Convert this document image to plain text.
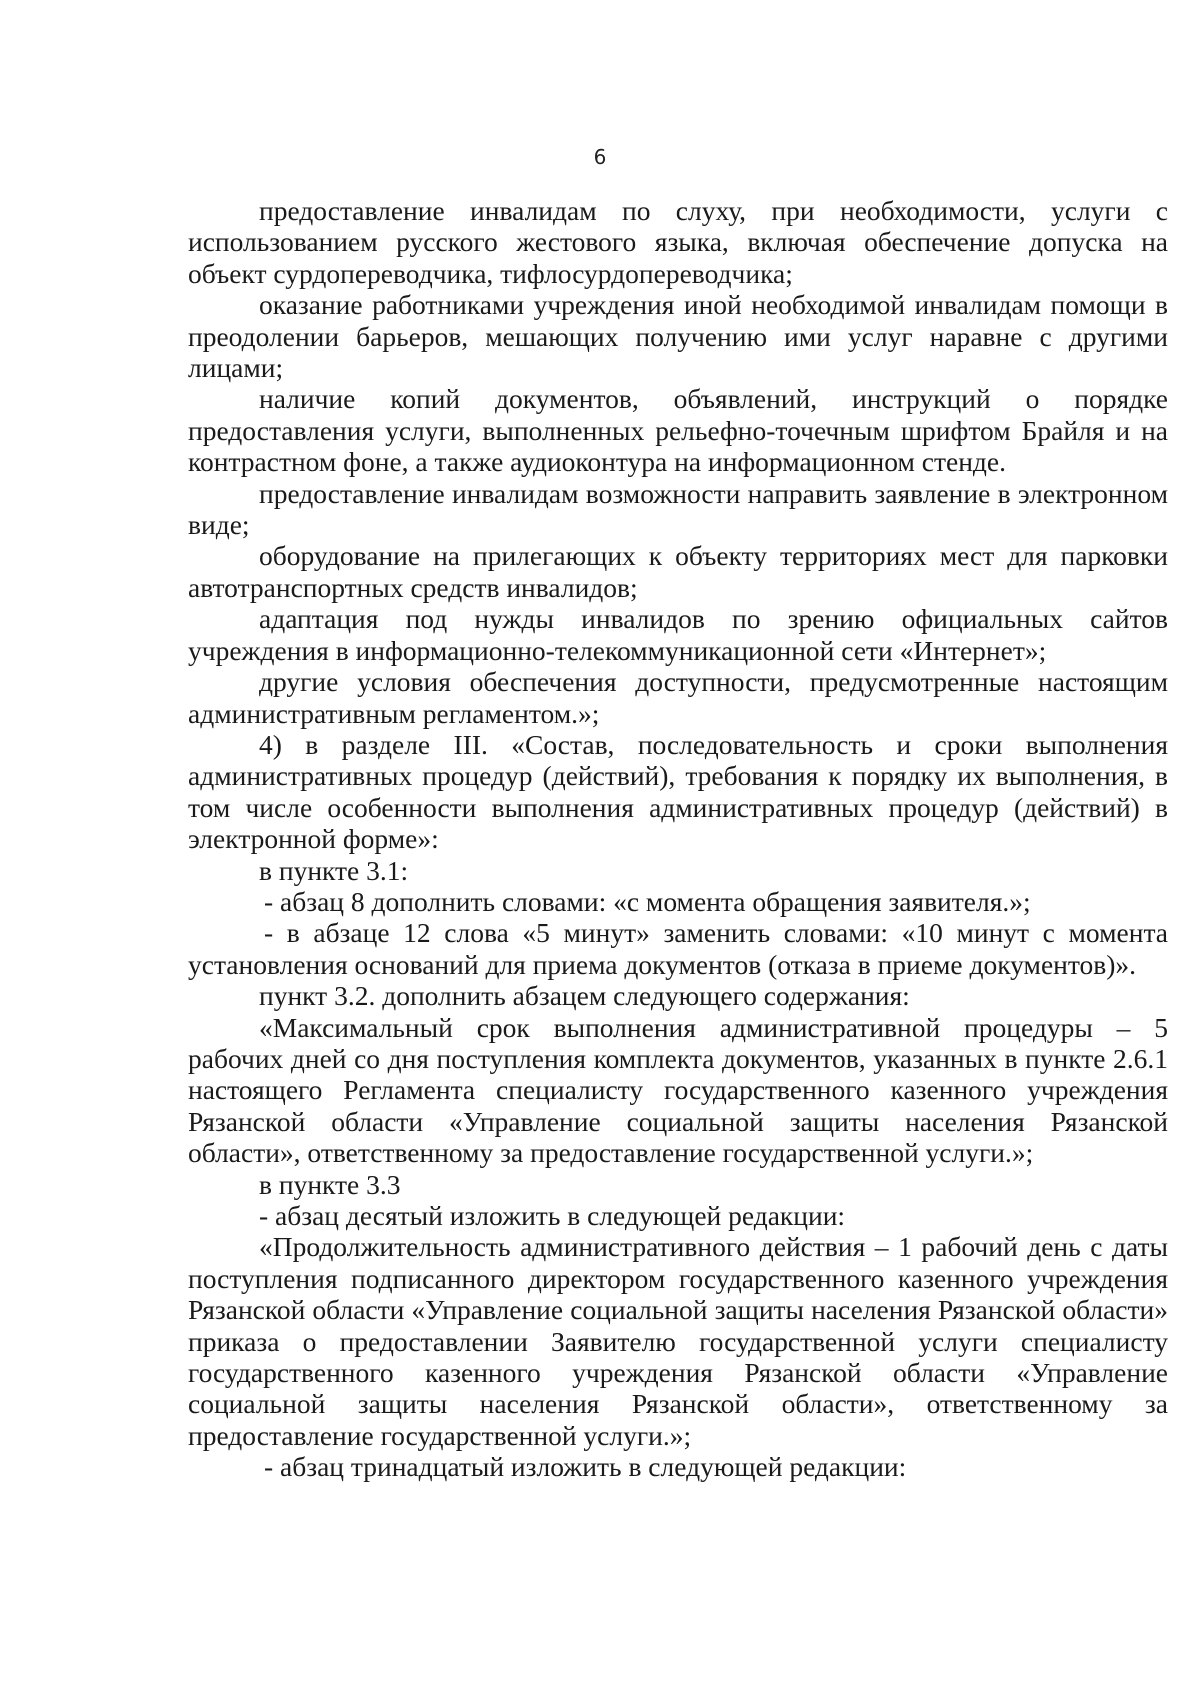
6

предоставление инвалидам по слуху, при необходимости, услуги с использованием русского жестового языка, включая обеспечение допуска на объект сурдопереводчика, тифлосурдопереводчика;

оказание работниками учреждения иной необходимой инвалидам помощи в преодолении барьеров, мешающих получению ими услуг наравне с другими лицами;

наличие копий документов, объявлений, инструкций о порядке предоставления услуги, выполненных рельефно-точечным шрифтом Брайля и на контрастном фоне, а также аудиоконтура на информационном стенде.

предоставление инвалидам возможности направить заявление в электронном виде;

оборудование на прилегающих к объекту территориях мест для парковки автотранспортных средств инвалидов;

адаптация под нужды инвалидов по зрению официальных сайтов учреждения в информационно-телекоммуникационной сети «Интернет»;

другие условия обеспечения доступности, предусмотренные настоящим административным регламентом.»;

4) в разделе III. «Состав, последовательность и сроки выполнения административных процедур (действий), требования к порядку их выполнения, в том числе особенности выполнения административных процедур (действий) в электронной форме»:

в пункте 3.1:

- абзац 8 дополнить словами: «с момента обращения заявителя.»;

- в абзаце 12 слова «5 минут» заменить словами: «10 минут с момента установления оснований для приема документов (отказа в приеме документов)».

пункт 3.2. дополнить абзацем следующего содержания:

«Максимальный срок выполнения административной процедуры – 5 рабочих дней со дня поступления комплекта документов, указанных в пункте 2.6.1 настоящего Регламента специалисту государственного казенного учреждения Рязанской области «Управление социальной защиты населения Рязанской области», ответственному за предоставление государственной услуги.»;

в пункте 3.3

- абзац десятый изложить в следующей редакции:

«Продолжительность административного действия – 1 рабочий день с даты поступления подписанного директором государственного казенного учреждения Рязанской области «Управление социальной защиты населения Рязанской области» приказа о предоставлении Заявителю государственной услуги специалисту государственного казенного учреждения Рязанской области «Управление социальной защиты населения Рязанской области», ответственному за предоставление государственной услуги.»;

- абзац тринадцатый изложить в следующей редакции:
